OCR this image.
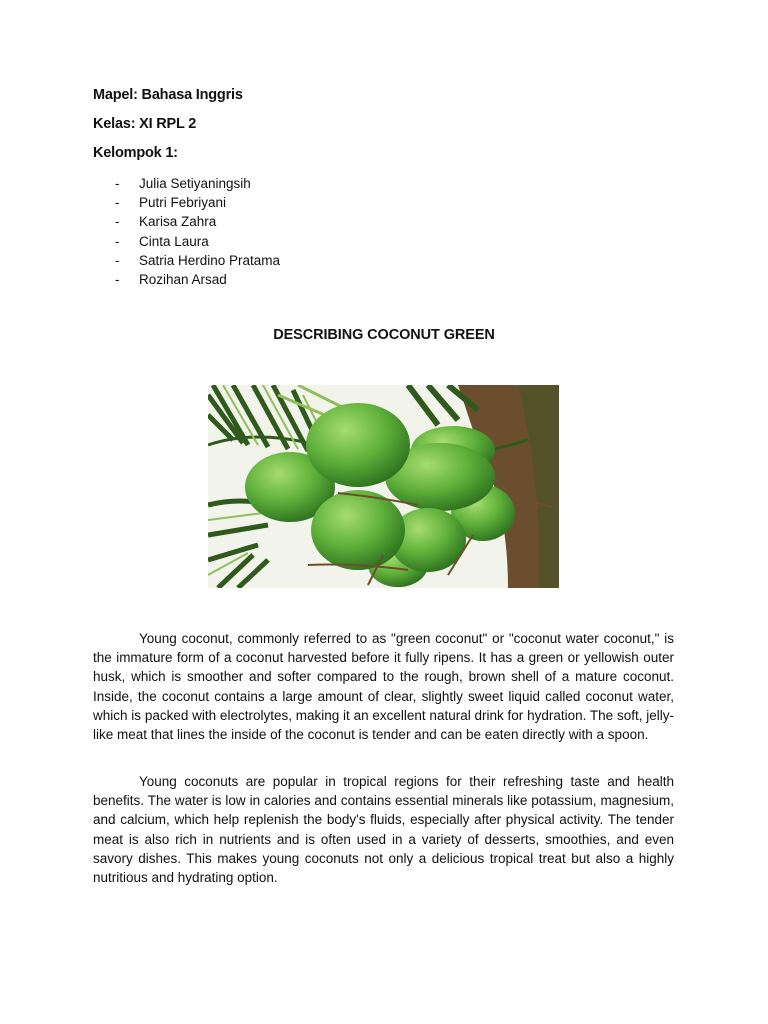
Mapel: Bahasa Inggris
Kelas: XI RPL 2
Kelompok 1:
- Julia Setiyaningsih
- Putri Febriyani
- Karisa Zahra
- Cinta Laura
- Satria Herdino Pratama
- Rozihan Arsad
DESCRIBING COCONUT GREEN

Young coconut, commonly referred to as "green coconut" or "coconut water coconut," is the immature form of a coconut harvested before it fully ripens. It has a green or yellowish outer husk, which is smoother and softer compared to the rough, brown shell of a mature coconut. Inside, the coconut contains a large amount of clear, slightly sweet liquid called coconut water, which is packed with electrolytes, making it an excellent natural drink for hydration. The soft, jelly-like meat that lines the inside of the coconut is tender and can be eaten directly with a spoon.

Young coconuts are popular in tropical regions for their refreshing taste and health benefits. The water is low in calories and contains essential minerals like potassium, magnesium, and calcium, which help replenish the body's fluids, especially after physical activity. The tender meat is also rich in nutrients and is often used in a variety of desserts, smoothies, and even savory dishes. This makes young coconuts not only a delicious tropical treat but also a highly nutritious and hydrating option.
